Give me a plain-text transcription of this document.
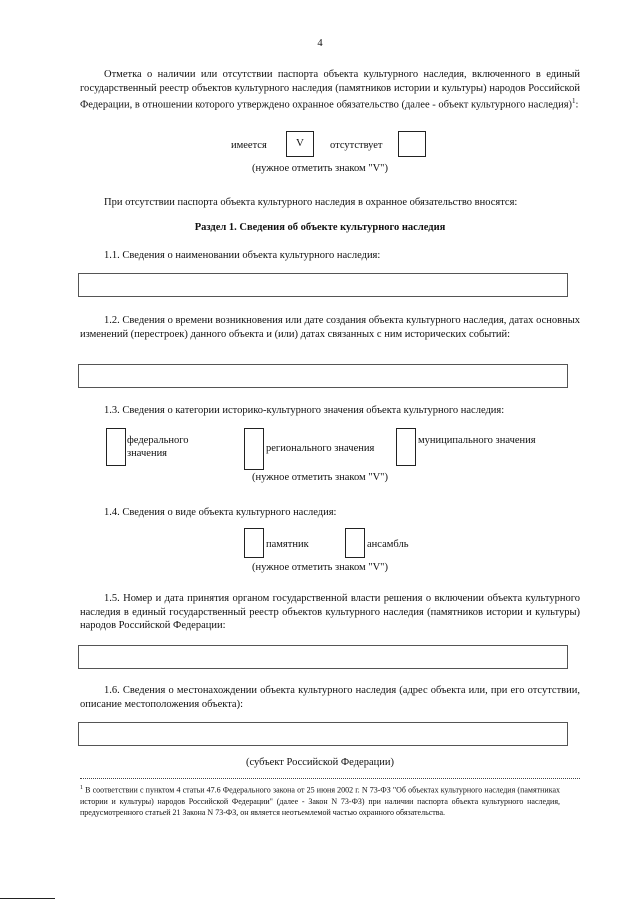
4
Отметка о наличии или отсутствии паспорта объекта культурного наследия, включенного в единый государственный реестр объектов культурного наследия (памятников истории и культуры) народов Российской Федерации, в отношении которого утверждено охранное обязательство (далее - объект культурного наследия)$^1$:
имеется	V отсутствует
(нужное отметить знаком "V")
При отсутствии паспорта объекта культурного наследия в охранное обязательство вносятся:
Раздел 1. Сведения об объекте культурного наследия
1.1. Сведения о наименовании объекта культурного наследия:
1.2. Сведения о времени возникновения или дате создания объекта культурного наследия, датах основных изменений (перестроек) данного объекта и (или) датах связанных с ним исторических событий:
1.3. Сведения о категории историко-культурного значения объекта культурного наследия:
федерального
значения	регионального значения
муниципального значения
(нужное отметить знаком "V")
1.4. Сведения о виде объекта культурного наследия:
памятник	ансамбль
(нужное отметить знаком "V")
1.5. Номер и дата принятия органом государственной власти решения о включении объекта культурного наследия в единый государственный реестр объектов культурного наследия (памятников истории и культуры) народов Российской Федерации:
1.6. Сведения о местонахождении объекта культурного наследия (адрес объекта или, при его отсутствии, описание местоположения объекта):
(субъект Российской Федерации)
$^1$ В соответствии с пунктом 4 статьи 47.6 Федерального закона от 25 июня 2002 г. N 73-ФЗ "Об объектах культурного наследия (памятниках истории и культуры) народов Российской Федерации" (далее - Закон N 73-ФЗ) при наличии паспорта объекта культурного наследия, предусмотренного статьей 21 Закона N 73-ФЗ, он является неотъемлемой частью охранного обязательства.
